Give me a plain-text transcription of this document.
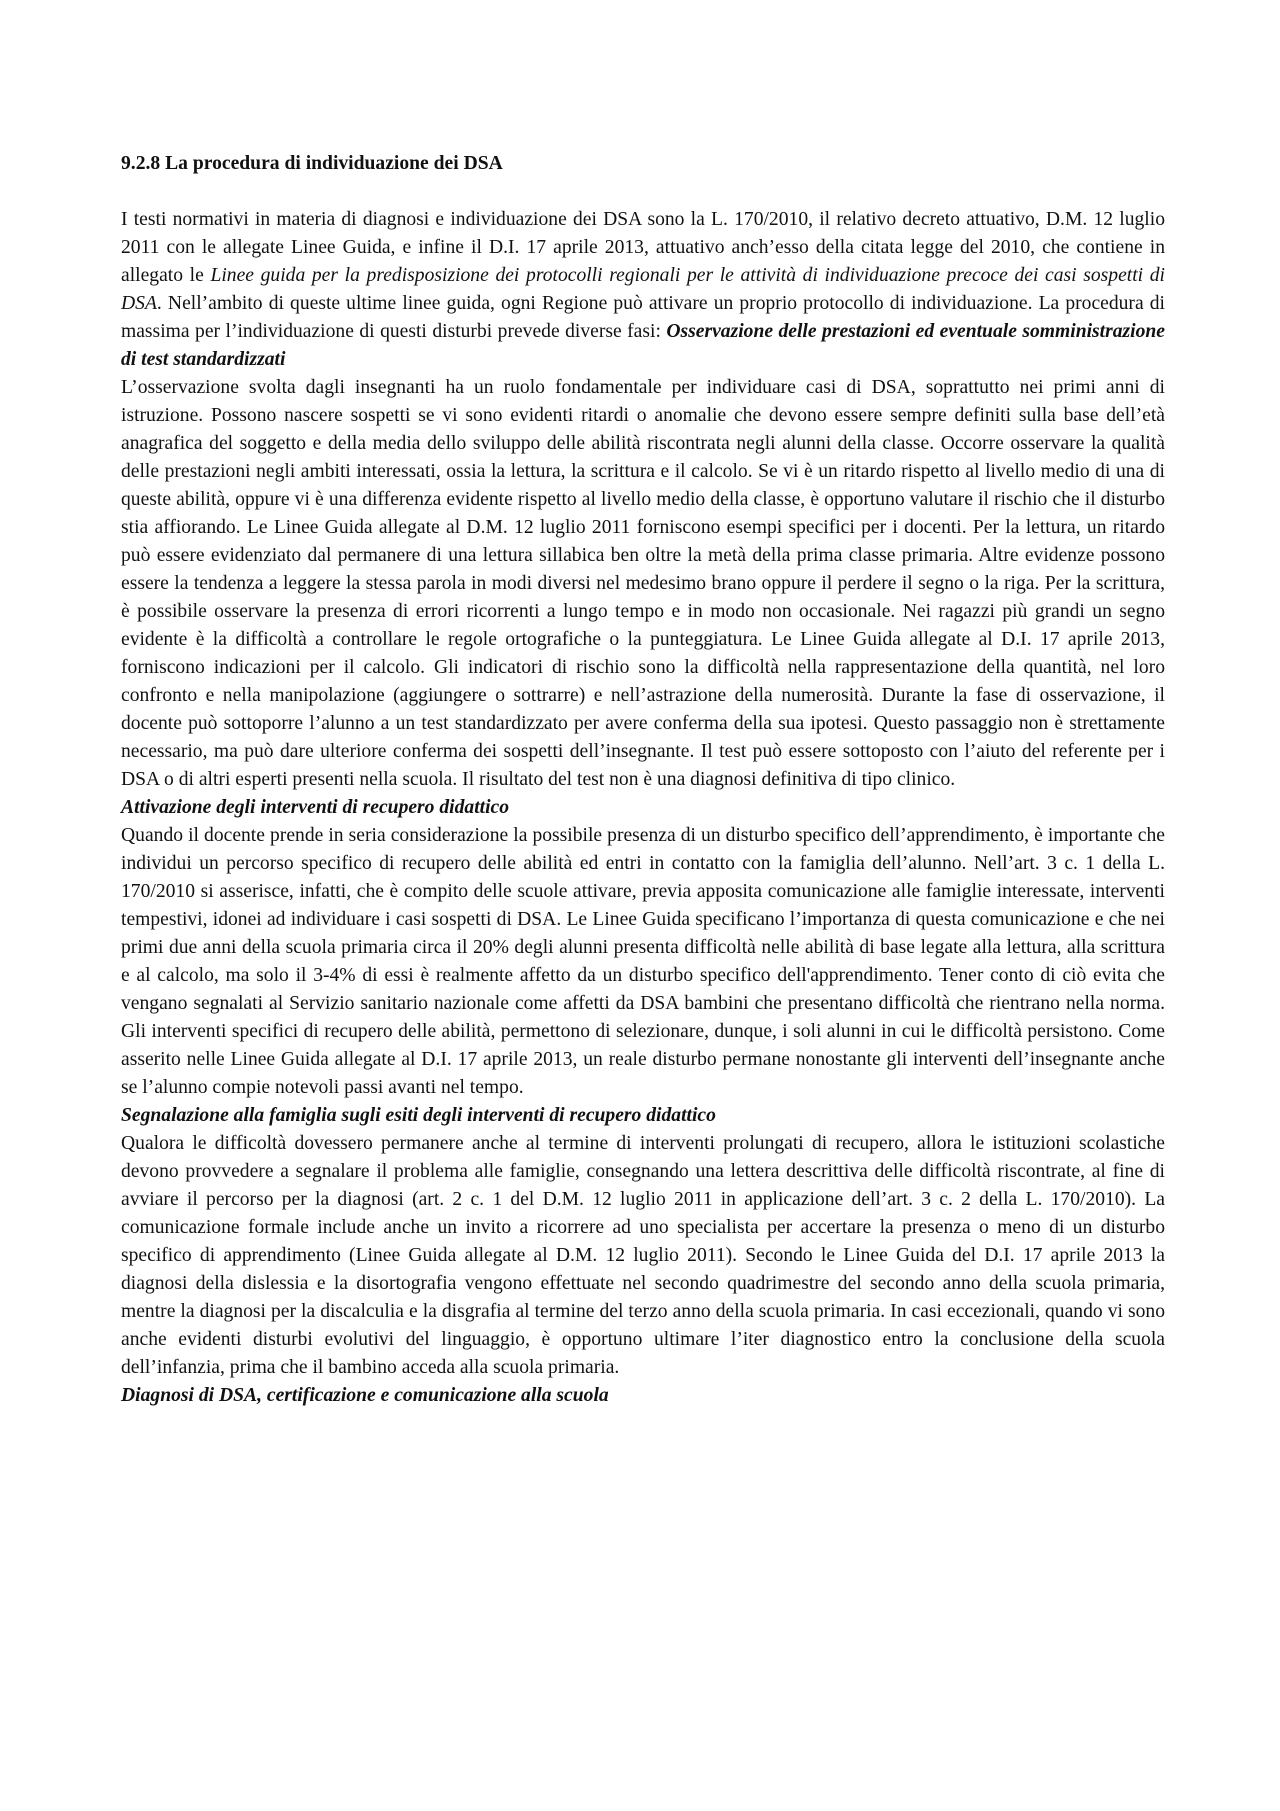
9.2.8 La procedura di individuazione dei DSA

I testi normativi in materia di diagnosi e individuazione dei DSA sono la L. 170/2010, il relativo decreto attuativo, D.M. 12 luglio 2011 con le allegate Linee Guida, e infine il D.I. 17 aprile 2013, attuativo anch’esso della citata legge del 2010, che contiene in allegato le Linee guida per la predisposizione dei protocolli regionali per le attività di individuazione precoce dei casi sospetti di DSA. Nell’ambito di queste ultime linee guida, ogni Regione può attivare un proprio protocollo di individuazione. La procedura di massima per l’individuazione di questi disturbi prevede diverse fasi: Osservazione delle prestazioni ed eventuale somministrazione di test standardizzati

L’osservazione svolta dagli insegnanti ha un ruolo fondamentale per individuare casi di DSA, soprattutto nei primi anni di istruzione. Possono nascere sospetti se vi sono evidenti ritardi o anomalie che devono essere sempre definiti sulla base dell’età anagrafica del soggetto e della media dello sviluppo delle abilità riscontrata negli alunni della classe. Occorre osservare la qualità delle prestazioni negli ambiti interessati, ossia la lettura, la scrittura e il calcolo. Se vi è un ritardo rispetto al livello medio di una di queste abilità, oppure vi è una differenza evidente rispetto al livello medio della classe, è opportuno valutare il rischio che il disturbo stia affiorando. Le Linee Guida allegate al D.M. 12 luglio 2011 forniscono esempi specifici per i docenti. Per la lettura, un ritardo può essere evidenziato dal permanere di una lettura sillabica ben oltre la metà della prima classe primaria. Altre evidenze possono essere la tendenza a leggere la stessa parola in modi diversi nel medesimo brano oppure il perdere il segno o la riga. Per la scrittura, è possibile osservare la presenza di errori ricorrenti a lungo tempo e in modo non occasionale. Nei ragazzi più grandi un segno evidente è la difficoltà a controllare le regole ortografiche o la punteggiatura. Le Linee Guida allegate al D.I. 17 aprile 2013, forniscono indicazioni per il calcolo. Gli indicatori di rischio sono la difficoltà nella rappresentazione della quantità, nel loro confronto e nella manipolazione (aggiungere o sottrarre) e nell’astrazione della numerosità. Durante la fase di osservazione, il docente può sottoporre l’alunno a un test standardizzato per avere conferma della sua ipotesi. Questo passaggio non è strettamente necessario, ma può dare ulteriore conferma dei sospetti dell’insegnante. Il test può essere sottoposto con l’aiuto del referente per i DSA o di altri esperti presenti nella scuola. Il risultato del test non è una diagnosi definitiva di tipo clinico.

Attivazione degli interventi di recupero didattico

Quando il docente prende in seria considerazione la possibile presenza di un disturbo specifico dell’apprendimento, è importante che individui un percorso specifico di recupero delle abilità ed entri in contatto con la famiglia dell’alunno. Nell’art. 3 c. 1 della L. 170/2010 si asserisce, infatti, che è compito delle scuole attivare, previa apposita comunicazione alle famiglie interessate, interventi tempestivi, idonei ad individuare i casi sospetti di DSA. Le Linee Guida specificano l’importanza di questa comunicazione e che nei primi due anni della scuola primaria circa il 20% degli alunni presenta difficoltà nelle abilità di base legate alla lettura, alla scrittura e al calcolo, ma solo il 3-4% di essi è realmente affetto da un disturbo specifico dell'apprendimento. Tener conto di ciò evita che vengano segnalati al Servizio sanitario nazionale come affetti da DSA bambini che presentano difficoltà che rientrano nella norma. Gli interventi specifici di recupero delle abilità, permettono di selezionare, dunque, i soli alunni in cui le difficoltà persistono. Come asserito nelle Linee Guida allegate al D.I. 17 aprile 2013, un reale disturbo permane nonostante gli interventi dell’insegnante anche se l’alunno compie notevoli passi avanti nel tempo.

Segnalazione alla famiglia sugli esiti degli interventi di recupero didattico

Qualora le difficoltà dovessero permanere anche al termine di interventi prolungati di recupero, allora le istituzioni scolastiche devono provvedere a segnalare il problema alle famiglie, consegnando una lettera descrittiva delle difficoltà riscontrate, al fine di avviare il percorso per la diagnosi (art. 2 c. 1 del D.M. 12 luglio 2011 in applicazione dell’art. 3 c. 2 della L. 170/2010). La comunicazione formale include anche un invito a ricorrere ad uno specialista per accertare la presenza o meno di un disturbo specifico di apprendimento (Linee Guida allegate al D.M. 12 luglio 2011). Secondo le Linee Guida del D.I. 17 aprile 2013 la diagnosi della dislessia e la disortografia vengono effettuate nel secondo quadrimestre del secondo anno della scuola primaria, mentre la diagnosi per la discalculia e la disgrafia al termine del terzo anno della scuola primaria. In casi eccezionali, quando vi sono anche evidenti disturbi evolutivi del linguaggio, è opportuno ultimare l’iter diagnostico entro la conclusione della scuola dell’infanzia, prima che il bambino acceda alla scuola primaria.

Diagnosi di DSA, certificazione e comunicazione alla scuola
